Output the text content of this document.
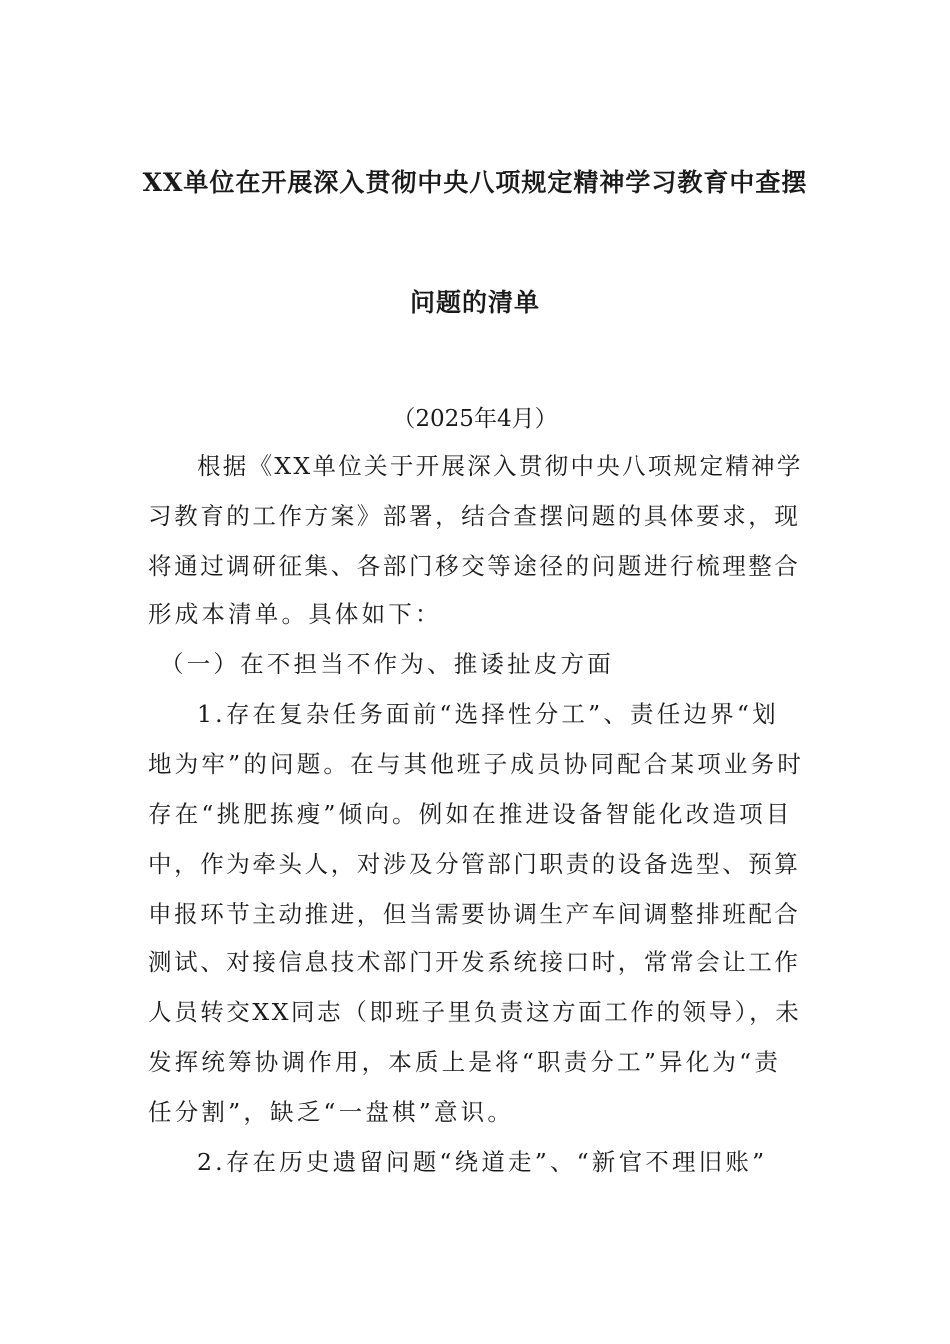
XX单位在开展深入贯彻中央八项规定精神学习教育中查摆
问题的清单
（2025年4月）
根据《XX单位关于开展深入贯彻中央八项规定精神学
习教育的工作方案》部署，结合查摆问题的具体要求，现
将通过调研征集、各部门移交等途径的问题进行梳理整合
形成本清单。具体如下：
（一）在不担当不作为、推诿扯皮方面
1.存在复杂任务面前“选择性分工”、责任边界“划
地为牢”的问题。在与其他班子成员协同配合某项业务时
存在“挑肥拣瘦”倾向。例如在推进设备智能化改造项目
中，作为牵头人，对涉及分管部门职责的设备选型、预算
申报环节主动推进，但当需要协调生产车间调整排班配合
测试、对接信息技术部门开发系统接口时，常常会让工作
人员转交XX同志（即班子里负责这方面工作的领导），未
发挥统筹协调作用，本质上是将“职责分工”异化为“责
任分割”，缺乏“一盘棋”意识。
2.存在历史遗留问题“绕道走”、“新官不理旧账”
